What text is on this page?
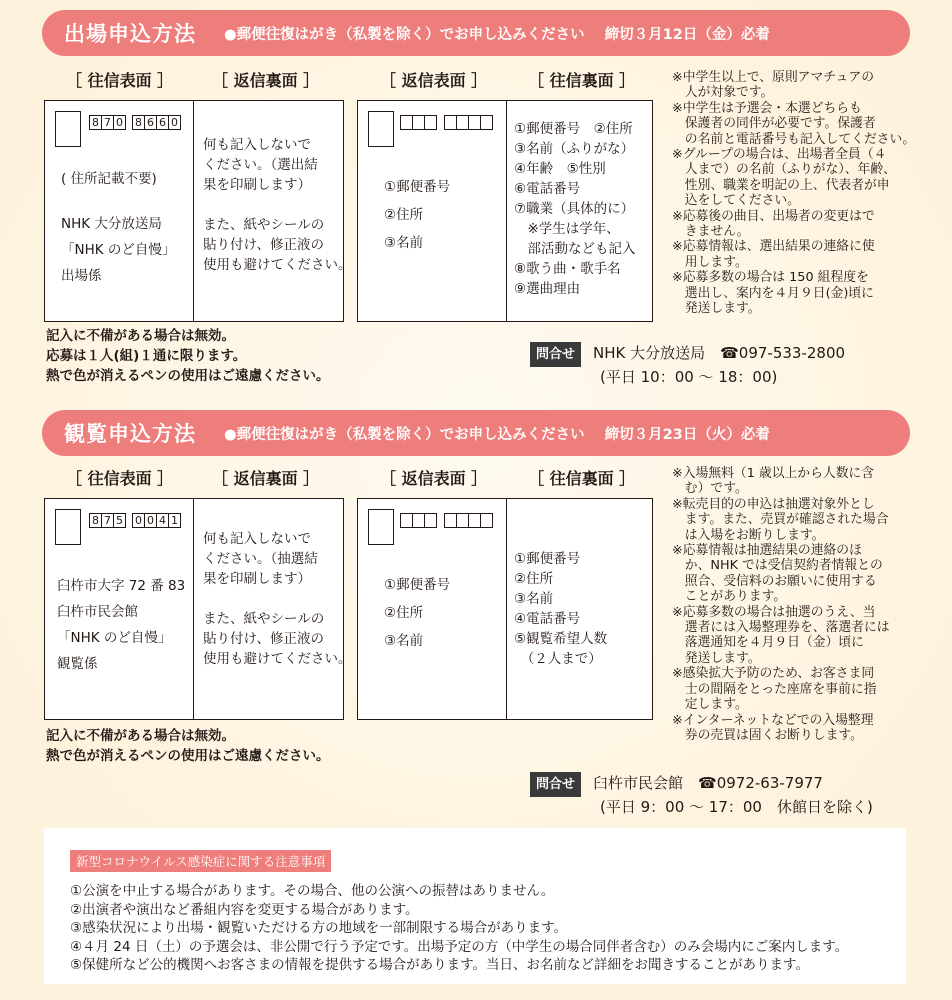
出場申込方法 ●郵便往復はがき（私製を除く）でお申し込みください 締切３月12日（金）必着
［ 往信表面 ］ ［ 返信裏面 ］	［ 返信表面 ］	［ 往信裏面 ］
8 7 0 8 6 6 0
( 住所記載不要)
NHK 大分放送局
「NHK のど自慢」
出場係
何も記入しないで
ください。（選出結
果を印刷します）
また、紙やシールの
貼り付け、修正液の
使用も避けてください。
①郵便番号
②住所
③名前
①郵便番号　②住所
③名前（ふりがな）
④年齢　⑤性別
⑥電話番号
⑦職業（具体的に）
　※学生は学年、
　部活動なども記入
⑧歌う曲・歌手名
⑨選曲理由
記入に不備がある場合は無効。
応募は１人(組)１通に限ります。
熱で色が消えるペンの使用はご遠慮ください。
※中学生以上で、原則アマチュアの
　人が対象です。
※中学生は予選会・本選どちらも
　保護者の同伴が必要です。保護者
　の名前と電話番号も記入してください。
※グループの場合は、出場者全員（４
　人まで）の名前（ふりがな）、年齢、
　性別、職業を明記の上、代表者が申
　込をしてください。
※応募後の曲目、出場者の変更はで
　きません。
※応募情報は、選出結果の連絡に使
　用します。
※応募多数の場合は 150 組程度を
　選出し、案内を４月９日(金)頃に
　発送します。
問合せ NHK 大分放送局　☎097-533-2800
(平日 10：00 ～ 18：00)
観覧申込方法 ●郵便往復はがき（私製を除く）でお申し込みください 締切３月23日（火）必着
［ 往信表面 ］ ［ 返信裏面 ］	［ 返信表面 ］	［ 往信裏面 ］
8 7 5 0 0 4 1
臼杵市大字 72 番 83
臼杵市民会館
「NHK のど自慢」
観覧係
何も記入しないで
ください。（抽選結
果を印刷します）
また、紙やシールの
貼り付け、修正液の
使用も避けてください。
①郵便番号
②住所
③名前
①郵便番号
②住所
③名前
④電話番号
⑤観覧希望人数
　（２人まで）
記入に不備がある場合は無効。
熱で色が消えるペンの使用はご遠慮ください。
※入場無料（1 歳以上から人数に含
　む）です。
※転売目的の申込は抽選対象外とし
　ます。また、売買が確認された場合
　は入場をお断りします。
※応募情報は抽選結果の連絡のほ
　か、NHK では受信契約者情報との
　照合、受信料のお願いに使用する
　ことがあります。
※応募多数の場合は抽選のうえ、当
　選者には入場整理券を、落選者には
　落選通知を４月９日（金）頃に
　発送します。
※感染拡大予防のため、お客さま同
　士の間隔をとった座席を事前に指
　定します。
※インターネットなどでの入場整理
　券の売買は固くお断りします。
問合せ 臼杵市民会館　☎0972-63-7977
(平日 9：00 ～ 17：00　休館日を除く)
新型コロナウイルス感染症に関する注意事項
①公演を中止する場合があります。その場合、他の公演への振替はありません。
②出演者や演出など番組内容を変更する場合があります。
③感染状況により出場・観覧いただける方の地域を一部制限する場合があります。
④４月 24 日（土）の予選会は、非公開で行う予定です。出場予定の方（中学生の場合同伴者含む）のみ会場内にご案内します。
⑤保健所など公的機関へお客さまの情報を提供する場合があります。当日、お名前など詳細をお聞きすることがあります。
